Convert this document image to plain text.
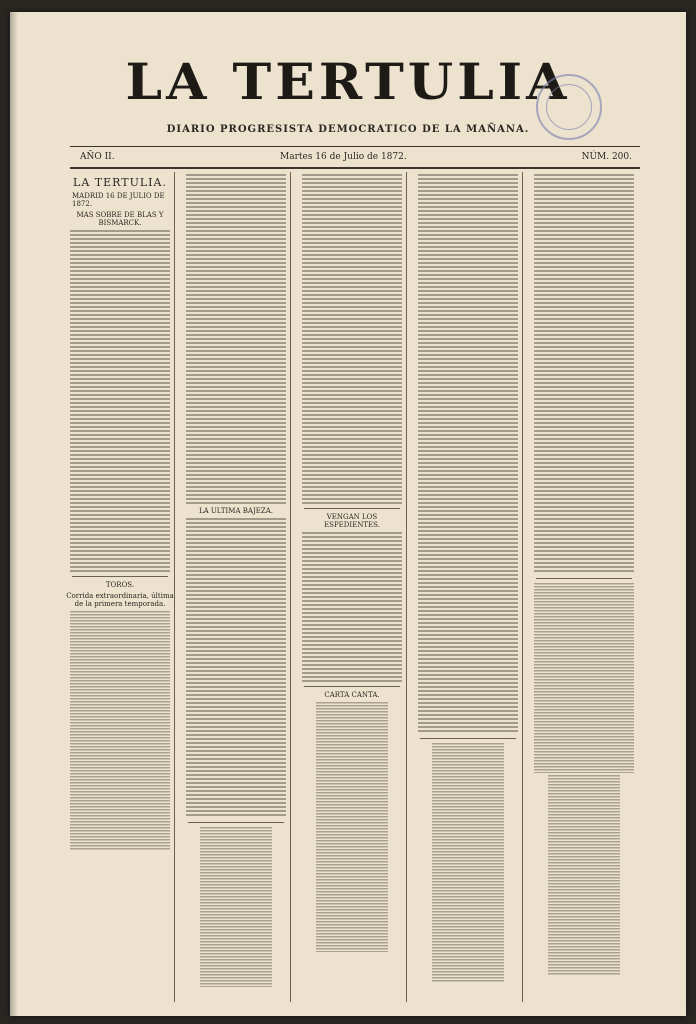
LA TERTULIA
DIARIO PROGRESISTA DEMOCRATICO DE LA MAÑANA.
AÑO II.	Martes 16 de Julio de 1872.	NÚM. 200.
LA TERTULIA.
MADRID 16 DE JULIO DE 1872.
MAS SOBRE DE BLAS Y BISMARCK.
TOROS.
Corrida extraordinaria, última de la primera temporada.
LA ULTIMA BAJEZA.
VENGAN LOS ESPEDIENTES.
CARTA CANTA.
